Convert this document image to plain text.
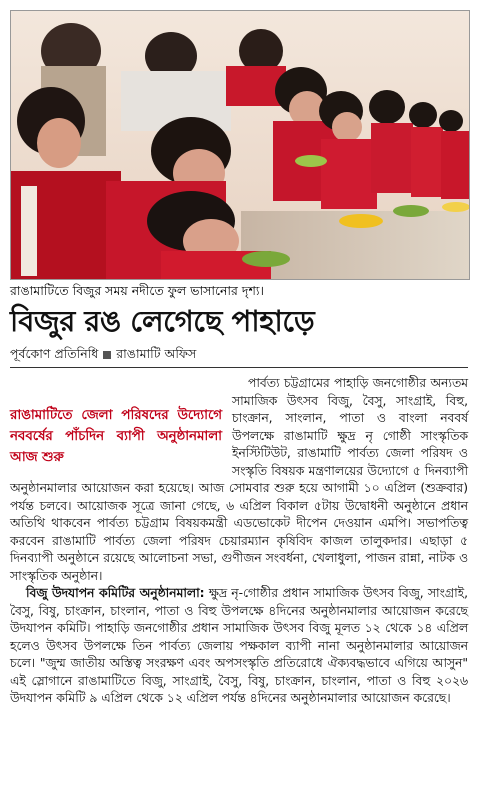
রাঙামাটিতে বিজুর সময় নদীতে ফুল ভাসানোর দৃশ্য।
বিজুর রঙ লেগেছে পাহাড়ে
পূর্বকোণ প্রতিনিধি রাঙামাটি অফিস

রাঙামাটিতে জেলা পরিষদের উদ্যোগে নববর্ষের পাঁচদিন ব্যাপী অনুষ্ঠানমালা আজ শুরু
পার্বত্য চট্টগ্রামের পাহাড়ি জনগোষ্ঠীর অন্যতম সামাজিক উৎসব বিজু, বৈসু, সাংগ্রাই, বিহু, চাংক্রান, সাংলান, পাতা ও বাংলা নববর্ষ উপলক্ষে রাঙামাটি ক্ষুদ্র নৃ গোষ্ঠী সাংস্কৃতিক ইনস্টিটিউট, রাঙামাটি পার্বত্য জেলা পরিষদ ও সংস্কৃতি বিষয়ক মন্ত্রণালয়ের উদ্যোগে ৫ দিনব্যাপী অনুষ্ঠানমালার আয়োজন করা হয়েছে। আজ সোমবার শুরু হয়ে আগামী ১০ এপ্রিল (শুক্রবার) পর্যন্ত চলবে। আয়োজক সূত্রে জানা গেছে, ৬ এপ্রিল বিকাল ৫টায় উদ্বোধনী অনুষ্ঠানে প্রধান অতিথি থাকবেন পার্বত্য চট্টগ্রাম বিষয়কমন্ত্রী এডভোকেট দীপেন দেওয়ান এমপি। সভাপতিত্ব করবেন রাঙামাটি পার্বত্য জেলা পরিষদ চেয়ারম্যান কৃষিবিদ কাজল তালুকদার। এছাড়া ৫ দিনব্যাপী অনুষ্ঠানে রয়েছে আলোচনা সভা, গুণীজন সংবর্ধনা, খেলাধুলা, পাজন রান্না, নাটক ও সাংস্কৃতিক অনুষ্ঠান।

বিজু উদযাপন কমিটির অনুষ্ঠানমালা: ক্ষুদ্র নৃ-গোষ্ঠীর প্রধান সামাজিক উৎসব বিজু, সাংগ্রাই, বৈসু, বিষু, চাংক্রান, চাংলান, পাতা ও বিহু উপলক্ষে ৪দিনের অনুষ্ঠানমালার আয়োজন করেছে উদযাপন কমিটি। পাহাড়ি জনগোষ্ঠীর প্রধান সামাজিক উৎসব বিজু মূলত ১২ থেকে ১৪ এপ্রিল হলেও উৎসব উপলক্ষে তিন পার্বত্য জেলায় পক্ষকাল ব্যাপী নানা অনুষ্ঠানমালার আয়োজন চলে। "জুম্ম জাতীয় অস্তিত্ব সংরক্ষণ এবং অপসংস্কৃতি প্রতিরোধে ঐক্যবদ্ধভাবে এগিয়ে আসুন" এই স্লোগানে রাঙামাটিতে বিজু, সাংগ্রাই, বৈসু, বিষু, চাংক্রান, চাংলান, পাতা ও বিহু ২০২৬ উদযাপন কমিটি ৯ এপ্রিল থেকে ১২ এপ্রিল পর্যন্ত ৪দিনের অনুষ্ঠানমালার আয়োজন করেছে।
